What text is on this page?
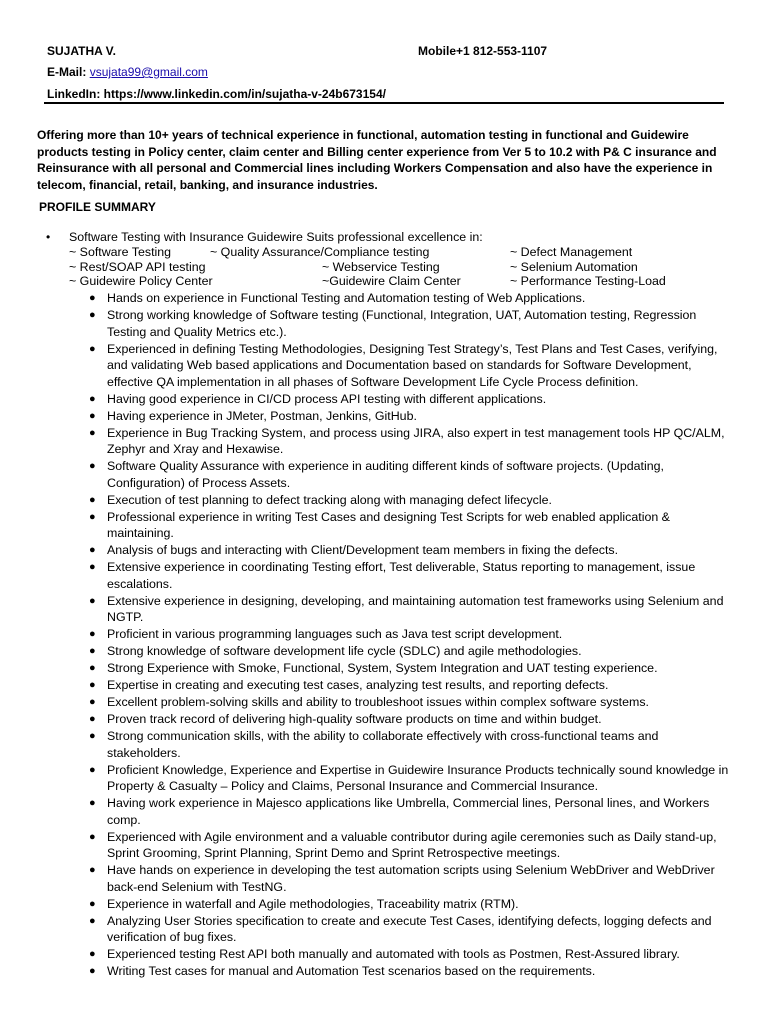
SUJATHA V.	Mobile+1 812-553-1107
E-Mail: vsujata99@gmail.com
LinkedIn: https://www.linkedin.com/in/sujatha-v-24b673154/
Offering more than 10+ years of technical experience in functional, automation testing in functional and Guidewire products testing in Policy center, claim center and Billing center experience from Ver 5 to 10.2 with P& C insurance and Reinsurance with all personal and Commercial lines including Workers Compensation and also have the experience in telecom, financial, retail, banking, and insurance industries.
PROFILE SUMMARY
• Software Testing with Insurance Guidewire Suits professional excellence in:
~ Software Testing	~ Quality Assurance/Compliance testing	~ Defect Management
~ Rest/SOAP API testing	~ Webservice Testing	~ Selenium Automation
~ Guidewire Policy Center	~Guidewire Claim Center	~ Performance Testing-Load
● Hands on experience in Functional Testing and Automation testing of Web Applications.
● Strong working knowledge of Software testing (Functional, Integration, UAT, Automation testing, Regression Testing and Quality Metrics etc.).
● Experienced in defining Testing Methodologies, Designing Test Strategy’s, Test Plans and Test Cases, verifying, and validating Web based applications and Documentation based on standards for Software Development, effective QA implementation in all phases of Software Development Life Cycle Process definition.
● Having good experience in CI/CD process API testing with different applications.
● Having experience in JMeter, Postman, Jenkins, GitHub.
● Experience in Bug Tracking System, and process using JIRA, also expert in test management tools HP QC/ALM, Zephyr and Xray and Hexawise.
● Software Quality Assurance with experience in auditing different kinds of software projects. (Updating, Configuration) of Process Assets.
● Execution of test planning to defect tracking along with managing defect lifecycle.
● Professional experience in writing Test Cases and designing Test Scripts for web enabled application & maintaining.
● Analysis of bugs and interacting with Client/Development team members in fixing the defects.
● Extensive experience in coordinating Testing effort, Test deliverable, Status reporting to management, issue escalations.
● Extensive experience in designing, developing, and maintaining automation test frameworks using Selenium and NGTP.
● Proficient in various programming languages such as Java test script development.
● Strong knowledge of software development life cycle (SDLC) and agile methodologies.
● Strong Experience with Smoke, Functional, System, System Integration and UAT testing experience.
● Expertise in creating and executing test cases, analyzing test results, and reporting defects.
● Excellent problem-solving skills and ability to troubleshoot issues within complex software systems.
● Proven track record of delivering high-quality software products on time and within budget.
● Strong communication skills, with the ability to collaborate effectively with cross-functional teams and stakeholders.
● Proficient Knowledge, Experience and Expertise in Guidewire Insurance Products technically sound knowledge in Property & Casualty – Policy and Claims, Personal Insurance and Commercial Insurance.
● Having work experience in Majesco applications like Umbrella, Commercial lines, Personal lines, and Workers comp.
● Experienced with Agile environment and a valuable contributor during agile ceremonies such as Daily stand-up, Sprint Grooming, Sprint Planning, Sprint Demo and Sprint Retrospective meetings.
● Have hands on experience in developing the test automation scripts using Selenium WebDriver and WebDriver back-end Selenium with TestNG.
● Experience in waterfall and Agile methodologies, Traceability matrix (RTM).
● Analyzing User Stories specification to create and execute Test Cases, identifying defects, logging defects and verification of bug fixes.
● Experienced testing Rest API both manually and automated with tools as Postmen, Rest-Assured library.
● Writing Test cases for manual and Automation Test scenarios based on the requirements.
